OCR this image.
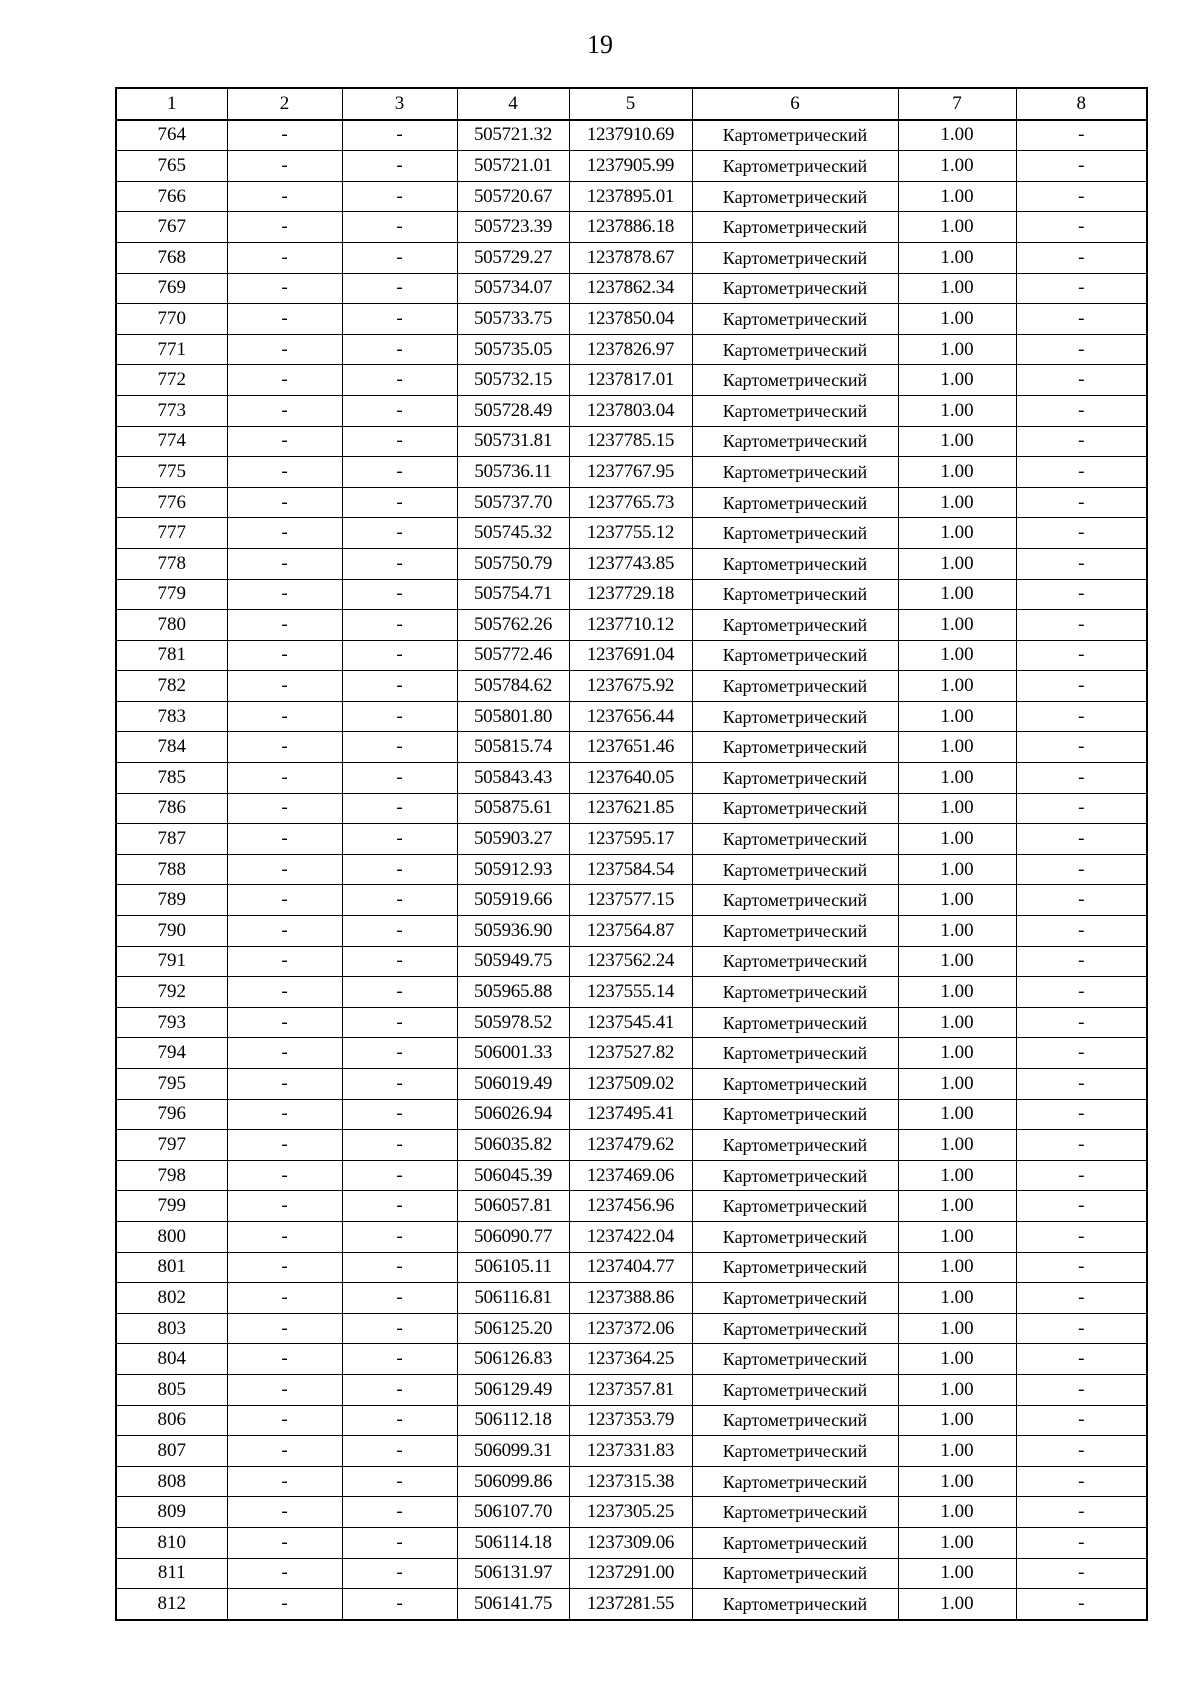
19
1	2	3	4	5	6	7	8
764	-	-	505721.32	1237910.69	Картометрический	1.00	-
765	-	-	505721.01	1237905.99	Картометрический	1.00	-
766	-	-	505720.67	1237895.01	Картометрический	1.00	-
767	-	-	505723.39	1237886.18	Картометрический	1.00	-
768	-	-	505729.27	1237878.67	Картометрический	1.00	-
769	-	-	505734.07	1237862.34	Картометрический	1.00	-
770	-	-	505733.75	1237850.04	Картометрический	1.00	-
771	-	-	505735.05	1237826.97	Картометрический	1.00	-
772	-	-	505732.15	1237817.01	Картометрический	1.00	-
773	-	-	505728.49	1237803.04	Картометрический	1.00	-
774	-	-	505731.81	1237785.15	Картометрический	1.00	-
775	-	-	505736.11	1237767.95	Картометрический	1.00	-
776	-	-	505737.70	1237765.73	Картометрический	1.00	-
777	-	-	505745.32	1237755.12	Картометрический	1.00	-
778	-	-	505750.79	1237743.85	Картометрический	1.00	-
779	-	-	505754.71	1237729.18	Картометрический	1.00	-
780	-	-	505762.26	1237710.12	Картометрический	1.00	-
781	-	-	505772.46	1237691.04	Картометрический	1.00	-
782	-	-	505784.62	1237675.92	Картометрический	1.00	-
783	-	-	505801.80	1237656.44	Картометрический	1.00	-
784	-	-	505815.74	1237651.46	Картометрический	1.00	-
785	-	-	505843.43	1237640.05	Картометрический	1.00	-
786	-	-	505875.61	1237621.85	Картометрический	1.00	-
787	-	-	505903.27	1237595.17	Картометрический	1.00	-
788	-	-	505912.93	1237584.54	Картометрический	1.00	-
789	-	-	505919.66	1237577.15	Картометрический	1.00	-
790	-	-	505936.90	1237564.87	Картометрический	1.00	-
791	-	-	505949.75	1237562.24	Картометрический	1.00	-
792	-	-	505965.88	1237555.14	Картометрический	1.00	-
793	-	-	505978.52	1237545.41	Картометрический	1.00	-
794	-	-	506001.33	1237527.82	Картометрический	1.00	-
795	-	-	506019.49	1237509.02	Картометрический	1.00	-
796	-	-	506026.94	1237495.41	Картометрический	1.00	-
797	-	-	506035.82	1237479.62	Картометрический	1.00	-
798	-	-	506045.39	1237469.06	Картометрический	1.00	-
799	-	-	506057.81	1237456.96	Картометрический	1.00	-
800	-	-	506090.77	1237422.04	Картометрический	1.00	-
801	-	-	506105.11	1237404.77	Картометрический	1.00	-
802	-	-	506116.81	1237388.86	Картометрический	1.00	-
803	-	-	506125.20	1237372.06	Картометрический	1.00	-
804	-	-	506126.83	1237364.25	Картометрический	1.00	-
805	-	-	506129.49	1237357.81	Картометрический	1.00	-
806	-	-	506112.18	1237353.79	Картометрический	1.00	-
807	-	-	506099.31	1237331.83	Картометрический	1.00	-
808	-	-	506099.86	1237315.38	Картометрический	1.00	-
809	-	-	506107.70	1237305.25	Картометрический	1.00	-
810	-	-	506114.18	1237309.06	Картометрический	1.00	-
811	-	-	506131.97	1237291.00	Картометрический	1.00	-
812	-	-	506141.75	1237281.55	Картометрический	1.00	-
